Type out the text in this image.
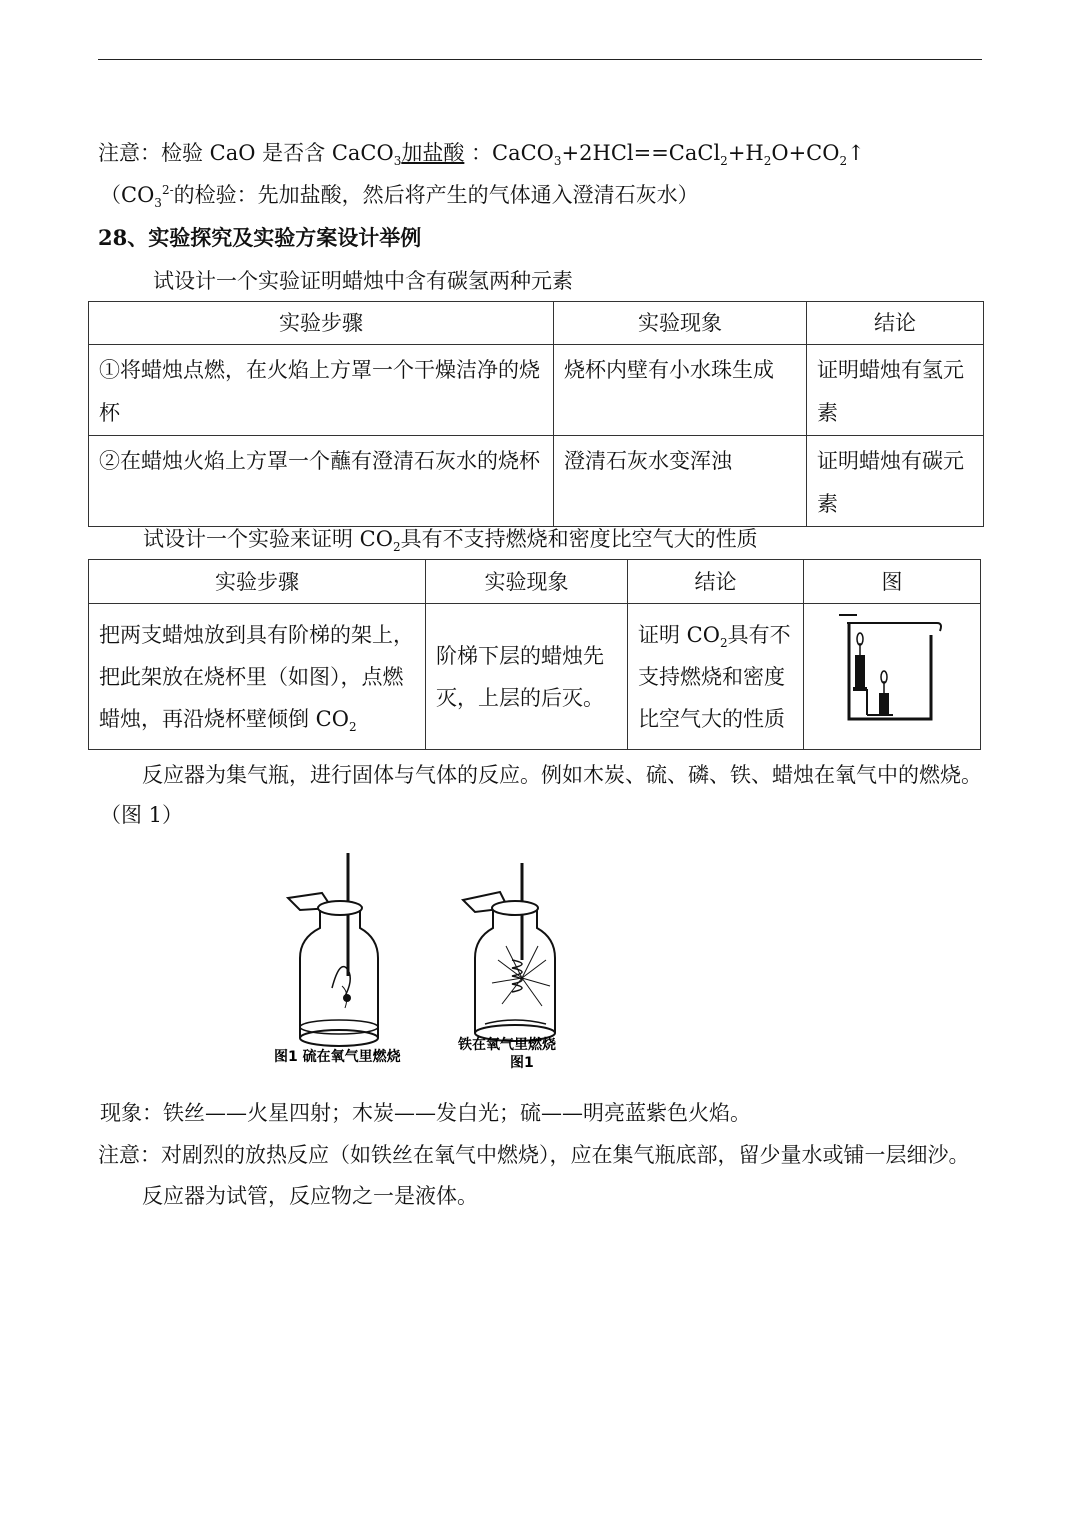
注意：检验 CaO 是否含 CaCO$_3$加盐酸 ：$CaCO_3+2HCl==CaCl_2+H_2O+CO_2↑$
（$CO_3^{2-}$的检验：先加盐酸，然后将产生的气体通入澄清石灰水）
28、实验探究及实验方案设计举例
试设计一个实验证明蜡烛中含有碳氢两种元素
实验步骤	实验现象	结论
①将蜡烛点燃，在火焰上方罩一个干燥洁净的烧杯	烧杯内壁有小水珠生成	证明蜡烛有氢元素
②在蜡烛火焰上方罩一个蘸有澄清石灰水的烧杯	澄清石灰水变浑浊	证明蜡烛有碳元素
试设计一个实验来证明 $CO_2$具有不支持燃烧和密度比空气大的性质
实验步骤	实验现象	结论	图
把两支蜡烛放到具有阶梯的架上，把此架放在烧杯里（如图），点燃蜡烛，再沿烧杯壁倾倒 $CO_2$	阶梯下层的蜡烛先灭，上层的后灭。	证明 $CO_2$具有不支持燃烧和密度比空气大的性质	
反应器为集气瓶，进行固体与气体的反应。例如木炭、硫、磷、铁、蜡烛在氧气中的燃烧。
（图 1）
图1 硫在氧气里燃烧
铁在氧气里燃烧
图1
现象：铁丝——火星四射；木炭——发白光；硫——明亮蓝紫色火焰。
注意：对剧烈的放热反应（如铁丝在氧气中燃烧），应在集气瓶底部，留少量水或铺一层细沙。
反应器为试管，反应物之一是液体。
